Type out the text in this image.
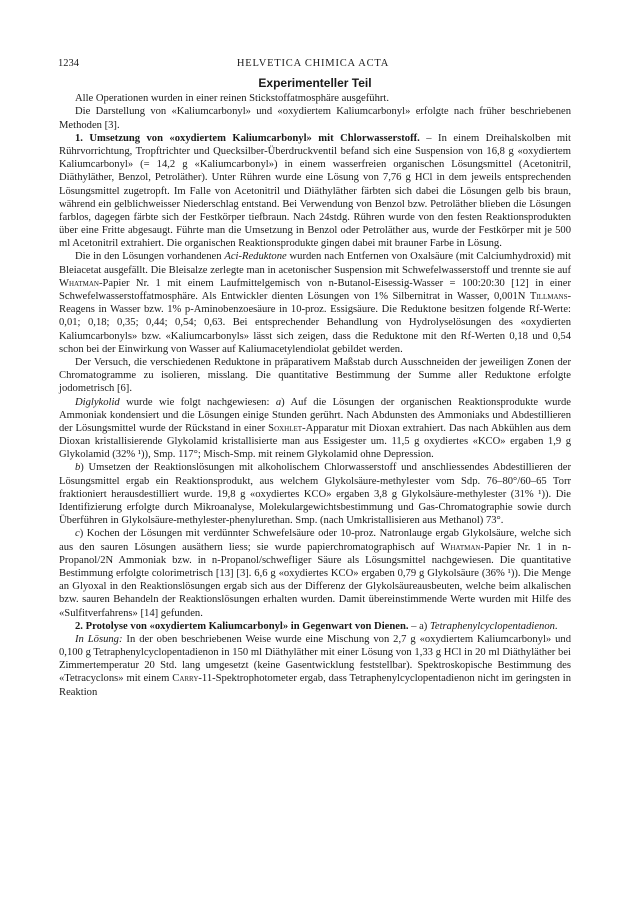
1234	HELVETICA CHIMICA ACTA

Experimenteller Teil

Alle Operationen wurden in einer reinen Stickstoffatmosphäre ausgeführt.

Die Darstellung von «Kaliumcarbonyl» und «oxydiertem Kaliumcarbonyl» erfolgte nach früher beschriebenen Methoden [3].

1. Umsetzung von «oxydiertem Kaliumcarbonyl» mit Chlorwasserstoff. – In einem Dreihalskolben mit Rührvorrichtung, Tropftrichter und Quecksilber-Überdruckventil befand sich eine Suspension von 16,8 g «oxydiertem Kaliumcarbonyl» (= 14,2 g «Kaliumcarbonyl») in einem wasserfreien organischen Lösungsmittel (Acetonitril, Diäthyläther, Benzol, Petroläther). Unter Rühren wurde eine Lösung von 7,76 g HCl in dem jeweils entsprechenden Lösungsmittel zugetropft. Im Falle von Acetonitril und Diäthyläther färbten sich dabei die Lösungen gelb bis braun, während ein gelblichweisser Niederschlag entstand. Bei Verwendung von Benzol bzw. Petroläther blieben die Lösungen farblos, dagegen färbte sich der Festkörper tiefbraun. Nach 24stdg. Rühren wurde von den festen Reaktionsprodukten über eine Fritte abgesaugt. Führte man die Umsetzung in Benzol oder Petroläther aus, wurde der Festkörper mit je 500 ml Acetonitril extrahiert. Die organischen Reaktionsprodukte gingen dabei mit brauner Farbe in Lösung.

Die in den Lösungen vorhandenen Aci-Reduktone wurden nach Entfernen von Oxalsäure (mit Calciumhydroxid) mit Bleiacetat ausgefällt. Die Bleisalze zerlegte man in acetonischer Suspension mit Schwefelwasserstoff und trennte sie auf Whatman-Papier Nr. 1 mit einem Laufmittelgemisch von n-Butanol-Eisessig-Wasser = 100:20:30 [12] in einer Schwefelwasserstoffatmosphäre. Als Entwickler dienten Lösungen von 1% Silbernitrat in Wasser, 0,001N Tillmans-Reagens in Wasser bzw. 1% p-Aminobenzoesäure in 10-proz. Essigsäure. Die Reduktone besitzen folgende Rf-Werte: 0,01; 0,18; 0,35; 0,44; 0,54; 0,63. Bei entsprechender Behandlung von Hydrolyselösungen des «oxydierten Kaliumcarbonyls» bzw. «Kaliumcarbonyls» lässt sich zeigen, dass die Reduktone mit den Rf-Werten 0,18 und 0,54 schon bei der Einwirkung von Wasser auf Kaliumacetylendiolat gebildet werden.

Der Versuch, die verschiedenen Reduktone in präparativem Maßstab durch Ausschneiden der jeweiligen Zonen der Chromatogramme zu isolieren, misslang. Die quantitative Bestimmung der Summe aller Reduktone erfolgte jodometrisch [6].

Diglykolid wurde wie folgt nachgewiesen: a) Auf die Lösungen der organischen Reaktionsprodukte wurde Ammoniak kondensiert und die Lösungen einige Stunden gerührt. Nach Abdunsten des Ammoniaks und Abdestillieren der Lösungsmittel wurde der Rückstand in einer Soxhlet-Apparatur mit Dioxan extrahiert. Das nach Abkühlen aus dem Dioxan kristallisierende Glykolamid kristallisierte man aus Essigester um. 11,5 g oxydiertes «KCO» ergaben 1,9 g Glykolamid (32% ¹)), Smp. 117°; Misch-Smp. mit reinem Glykolamid ohne Depression.

b) Umsetzen der Reaktionslösungen mit alkoholischem Chlorwasserstoff und anschliessendes Abdestillieren der Lösungsmittel ergab ein Reaktionsprodukt, aus welchem Glykolsäure-methylester vom Sdp. 76–80°/60–65 Torr fraktioniert herausdestilliert wurde. 19,8 g «oxydiertes KCO» ergaben 3,8 g Glykolsäure-methylester (31% ¹)). Die Identifizierung erfolgte durch Mikroanalyse, Molekulargewichtsbestimmung und Gas-Chromatographie sowie durch Überführen in Glykolsäure-methylester-phenylurethan. Smp. (nach Umkristallisieren aus Methanol) 73°.

c) Kochen der Lösungen mit verdünnter Schwefelsäure oder 10-proz. Natronlauge ergab Glykolsäure, welche sich aus den sauren Lösungen ausäthern liess; sie wurde papierchromatographisch auf Whatman-Papier Nr. 1 in n-Propanol/2N Ammoniak bzw. in n-Propanol/schwefliger Säure als Lösungsmittel nachgewiesen. Die quantitative Bestimmung erfolgte colorimetrisch [13] [3]. 6,6 g «oxydiertes KCO» ergaben 0,79 g Glykolsäure (36% ¹)). Die Menge an Glyoxal in den Reaktionslösungen ergab sich aus der Differenz der Glykolsäureausbeuten, welche beim alkalischen bzw. sauren Behandeln der Reaktionslösungen erhalten wurden. Damit übereinstimmende Werte wurden mit Hilfe des «Sulfitverfahrens» [14] gefunden.

2. Protolyse von «oxydiertem Kaliumcarbonyl» in Gegenwart von Dienen. – a) Tetraphenylcyclopentadienon.

In Lösung: In der oben beschriebenen Weise wurde eine Mischung von 2,7 g «oxydiertem Kaliumcarbonyl» und 0,100 g Tetraphenylcyclopentadienon in 150 ml Diäthyläther mit einer Lösung von 1,33 g HCl in 20 ml Diäthyläther bei Zimmertemperatur 20 Std. lang umgesetzt (keine Gasentwicklung feststellbar). Spektroskopische Bestimmung des «Tetracyclons» mit einem Carry-11-Spektrophotometer ergab, dass Tetraphenylcyclopentadienon nicht im geringsten in Reaktion
